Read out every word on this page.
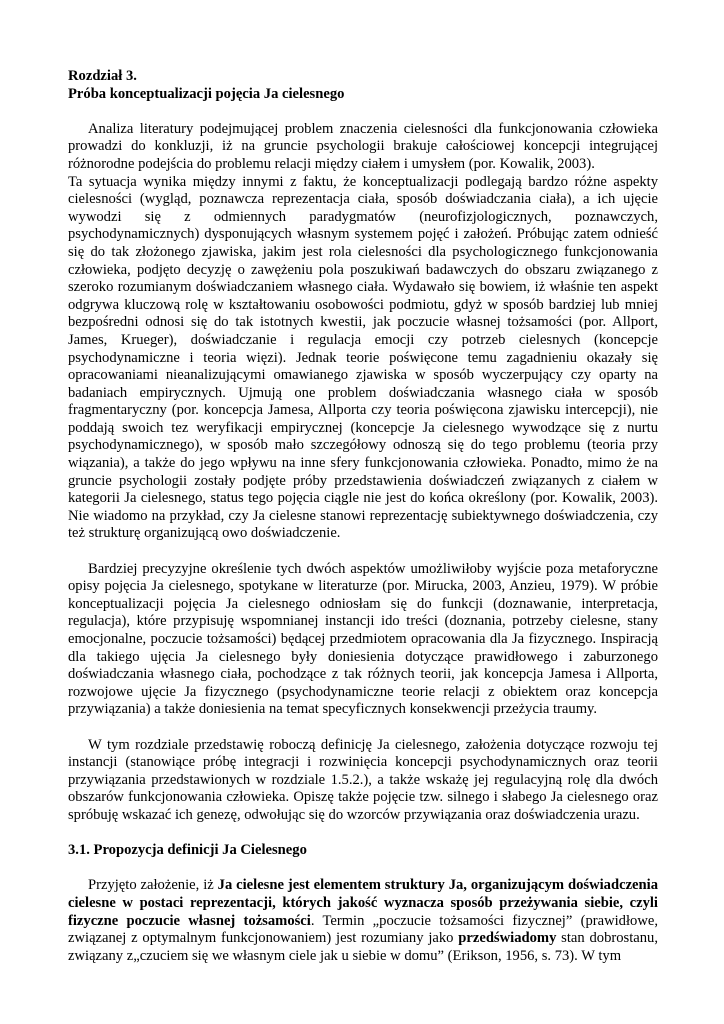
Rozdział 3.
Próba konceptualizacji pojęcia Ja cielesnego

Analiza literatury podejmującej problem znaczenia cielesności dla funkcjonowania człowieka prowadzi do konkluzji, iż na gruncie psychologii brakuje całościowej koncepcji integrującej różnorodne podejścia do problemu relacji między ciałem i umysłem (por. Kowalik, 2003).

Ta sytuacja wynika między innymi z faktu, że konceptualizacji podlegają bardzo różne aspekty cielesności (wygląd, poznawcza reprezentacja ciała, sposób doświadczania ciała), a ich ujęcie wywodzi się z odmiennych paradygmatów (neurofizjologicznych, poznawczych, psychodynamicznych) dysponujących własnym systemem pojęć i założeń. Próbując zatem odnieść się do tak złożonego zjawiska, jakim jest rola cielesności dla psychologicznego funkcjonowania człowieka, podjęto decyzję o zawężeniu pola poszukiwań badawczych do obszaru związanego z szeroko rozumianym doświadczaniem własnego ciała. Wydawało się bowiem, iż właśnie ten aspekt odgrywa kluczową rolę w kształtowaniu osobowości podmiotu, gdyż w sposób bardziej lub mniej bezpośredni odnosi się do tak istotnych kwestii, jak poczucie własnej tożsamości (por. Allport, James, Krueger), doświadczanie i regulacja emocji czy potrzeb cielesnych (koncepcje psychodynamiczne i teoria więzi). Jednak teorie poświęcone temu zagadnieniu okazały się opracowaniami nieanalizującymi omawianego zjawiska w sposób wyczerpujący czy oparty na badaniach empirycznych. Ujmują one problem doświadczania własnego ciała w sposób fragmentaryczny (por. koncepcja Jamesa, Allporta czy teoria poświęcona zjawisku intercepcji), nie poddają swoich tez weryfikacji empirycznej (koncepcje Ja cielesnego wywodzące się z nurtu psychodynamicznego), w sposób mało szczegółowy odnoszą się do tego problemu (teoria przy wiązania), a także do jego wpływu na inne sfery funkcjonowania człowieka. Ponadto, mimo że na gruncie psychologii zostały podjęte próby przedstawienia doświadczeń związanych z ciałem w kategorii Ja cielesnego, status tego pojęcia ciągle nie jest do końca określony (por. Kowalik, 2003). Nie wiadomo na przykład, czy Ja cielesne stanowi reprezentację subiektywnego doświadczenia, czy też strukturę organizującą owo doświadczenie.

Bardziej precyzyjne określenie tych dwóch aspektów umożliwiłoby wyjście poza metaforyczne opisy pojęcia Ja cielesnego, spotykane w literaturze (por. Mirucka, 2003, Anzieu, 1979). W próbie konceptualizacji pojęcia Ja cielesnego odniosłam się do funkcji (doznawanie, interpretacja, regulacja), które przypisuję wspomnianej instancji ido treści (doznania, potrzeby cielesne, stany emocjonalne, poczucie tożsamości) będącej przedmiotem opracowania dla Ja fizycznego. Inspiracją dla takiego ujęcia Ja cielesnego były doniesienia dotyczące prawidłowego i zaburzonego doświadczania własnego ciała, pochodzące z tak różnych teorii, jak koncepcja Jamesa i Allporta, rozwojowe ujęcie Ja fizycznego (psychodynamiczne teorie relacji z obiektem oraz koncepcja przywiązania) a także doniesienia na temat specyficznych konsekwencji przeżycia traumy.

W tym rozdziale przedstawię roboczą definicję Ja cielesnego, założenia dotyczące rozwoju tej instancji (stanowiące próbę integracji i rozwinięcia koncepcji psychodynamicznych oraz teorii przywiązania przedstawionych w rozdziale 1.5.2.), a także wskażę jej regulacyjną rolę dla dwóch obszarów funkcjonowania człowieka. Opiszę także pojęcie tzw. silnego i słabego Ja cielesnego oraz spróbuję wskazać ich genezę, odwołując się do wzorców przywiązania oraz doświadczenia urazu.

3.1. Propozycja definicji Ja Cielesnego

Przyjęto założenie, iż Ja cielesne jest elementem struktury Ja, organizującym doświadczenia cielesne w postaci reprezentacji, których jakość wyznacza sposób przeżywania siebie, czyli fizyczne poczucie własnej tożsamości. Termin „poczucie tożsamości fizycznej” (prawidłowe, związanej z optymalnym funkcjonowaniem) jest rozumiany jako przedświadomy stan dobrostanu, związany z„czuciem się we własnym ciele jak u siebie w domu” (Erikson, 1956, s. 73). W tym
